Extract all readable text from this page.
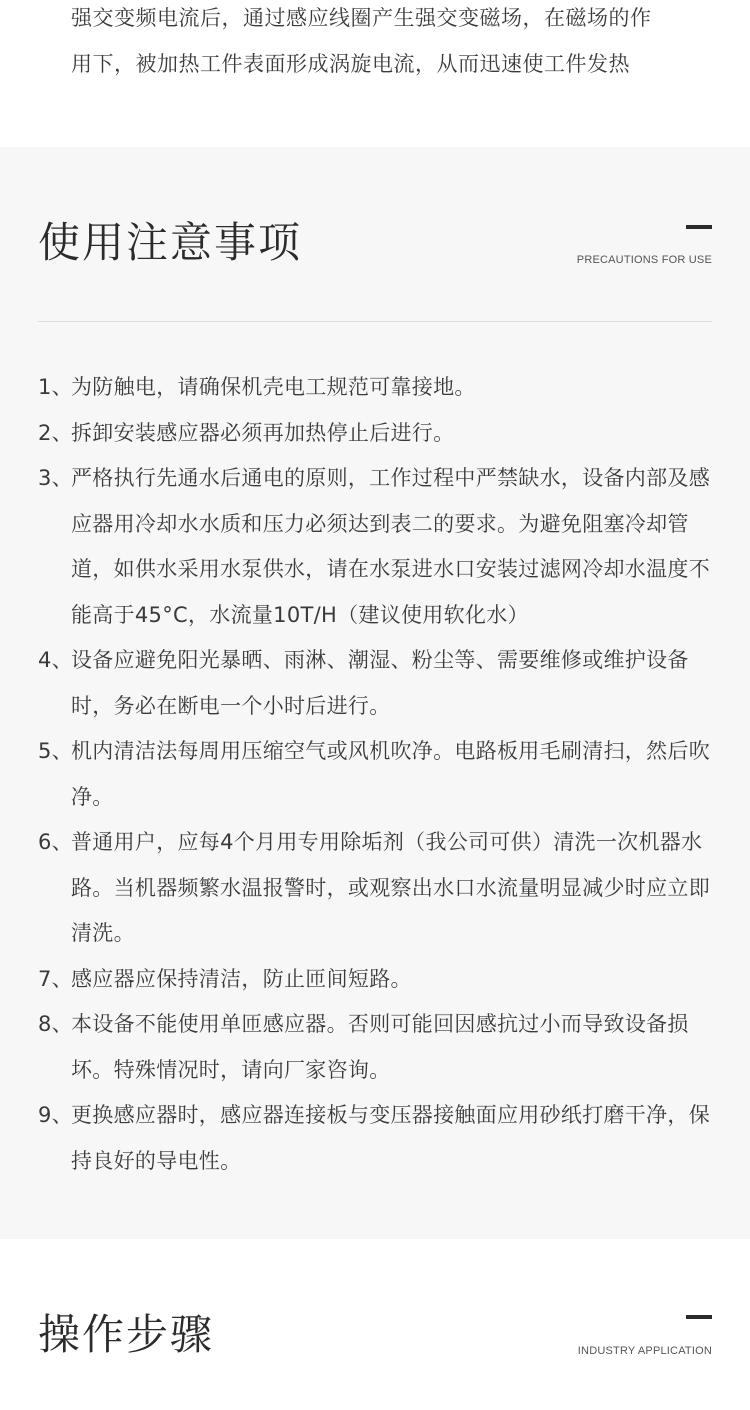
强交变频电流后，通过感应线圈产生强交变磁场，在磁场的作
用下，被加热工件表面形成涡旋电流，从而迅速使工件发热
使用注意事项	PRECAUTIONS FOR USE
1、
为防触电，请确保机壳电工规范可靠接地。
2、
拆卸安装感应器必须再加热停止后进行。
3、
严格执行先通水后通电的原则，工作过程中严禁缺水，设备内部及感应器用冷却水水质和压力必须达到表二的要求。为避免阻塞冷却管道，如供水采用水泵供水，请在水泵进水口安装过滤网冷却水温度不能高于45°C，水流量10T/H（建议使用软化水）
4、
设备应避免阳光暴晒、雨淋、潮湿、粉尘等、需要维修或维护设备时，务必在断电一个小时后进行。
5、
机内清洁法每周用压缩空气或风机吹净。电路板用毛刷清扫，然后吹净。
6、
普通用户，应每4个月用专用除垢剂（我公司可供）清洗一次机器水路。当机器频繁水温报警时，或观察出水口水流量明显减少时应立即清洗。
7、
感应器应保持清洁，防止匝间短路。
8、
本设备不能使用单匝感应器。否则可能回因感抗过小而导致设备损坏。特殊情况时，请向厂家咨询。
9、
更换感应器时，感应器连接板与变压器接触面应用砂纸打磨干净，保持良好的导电性。
操作步骤	INDUSTRY APPLICATION
